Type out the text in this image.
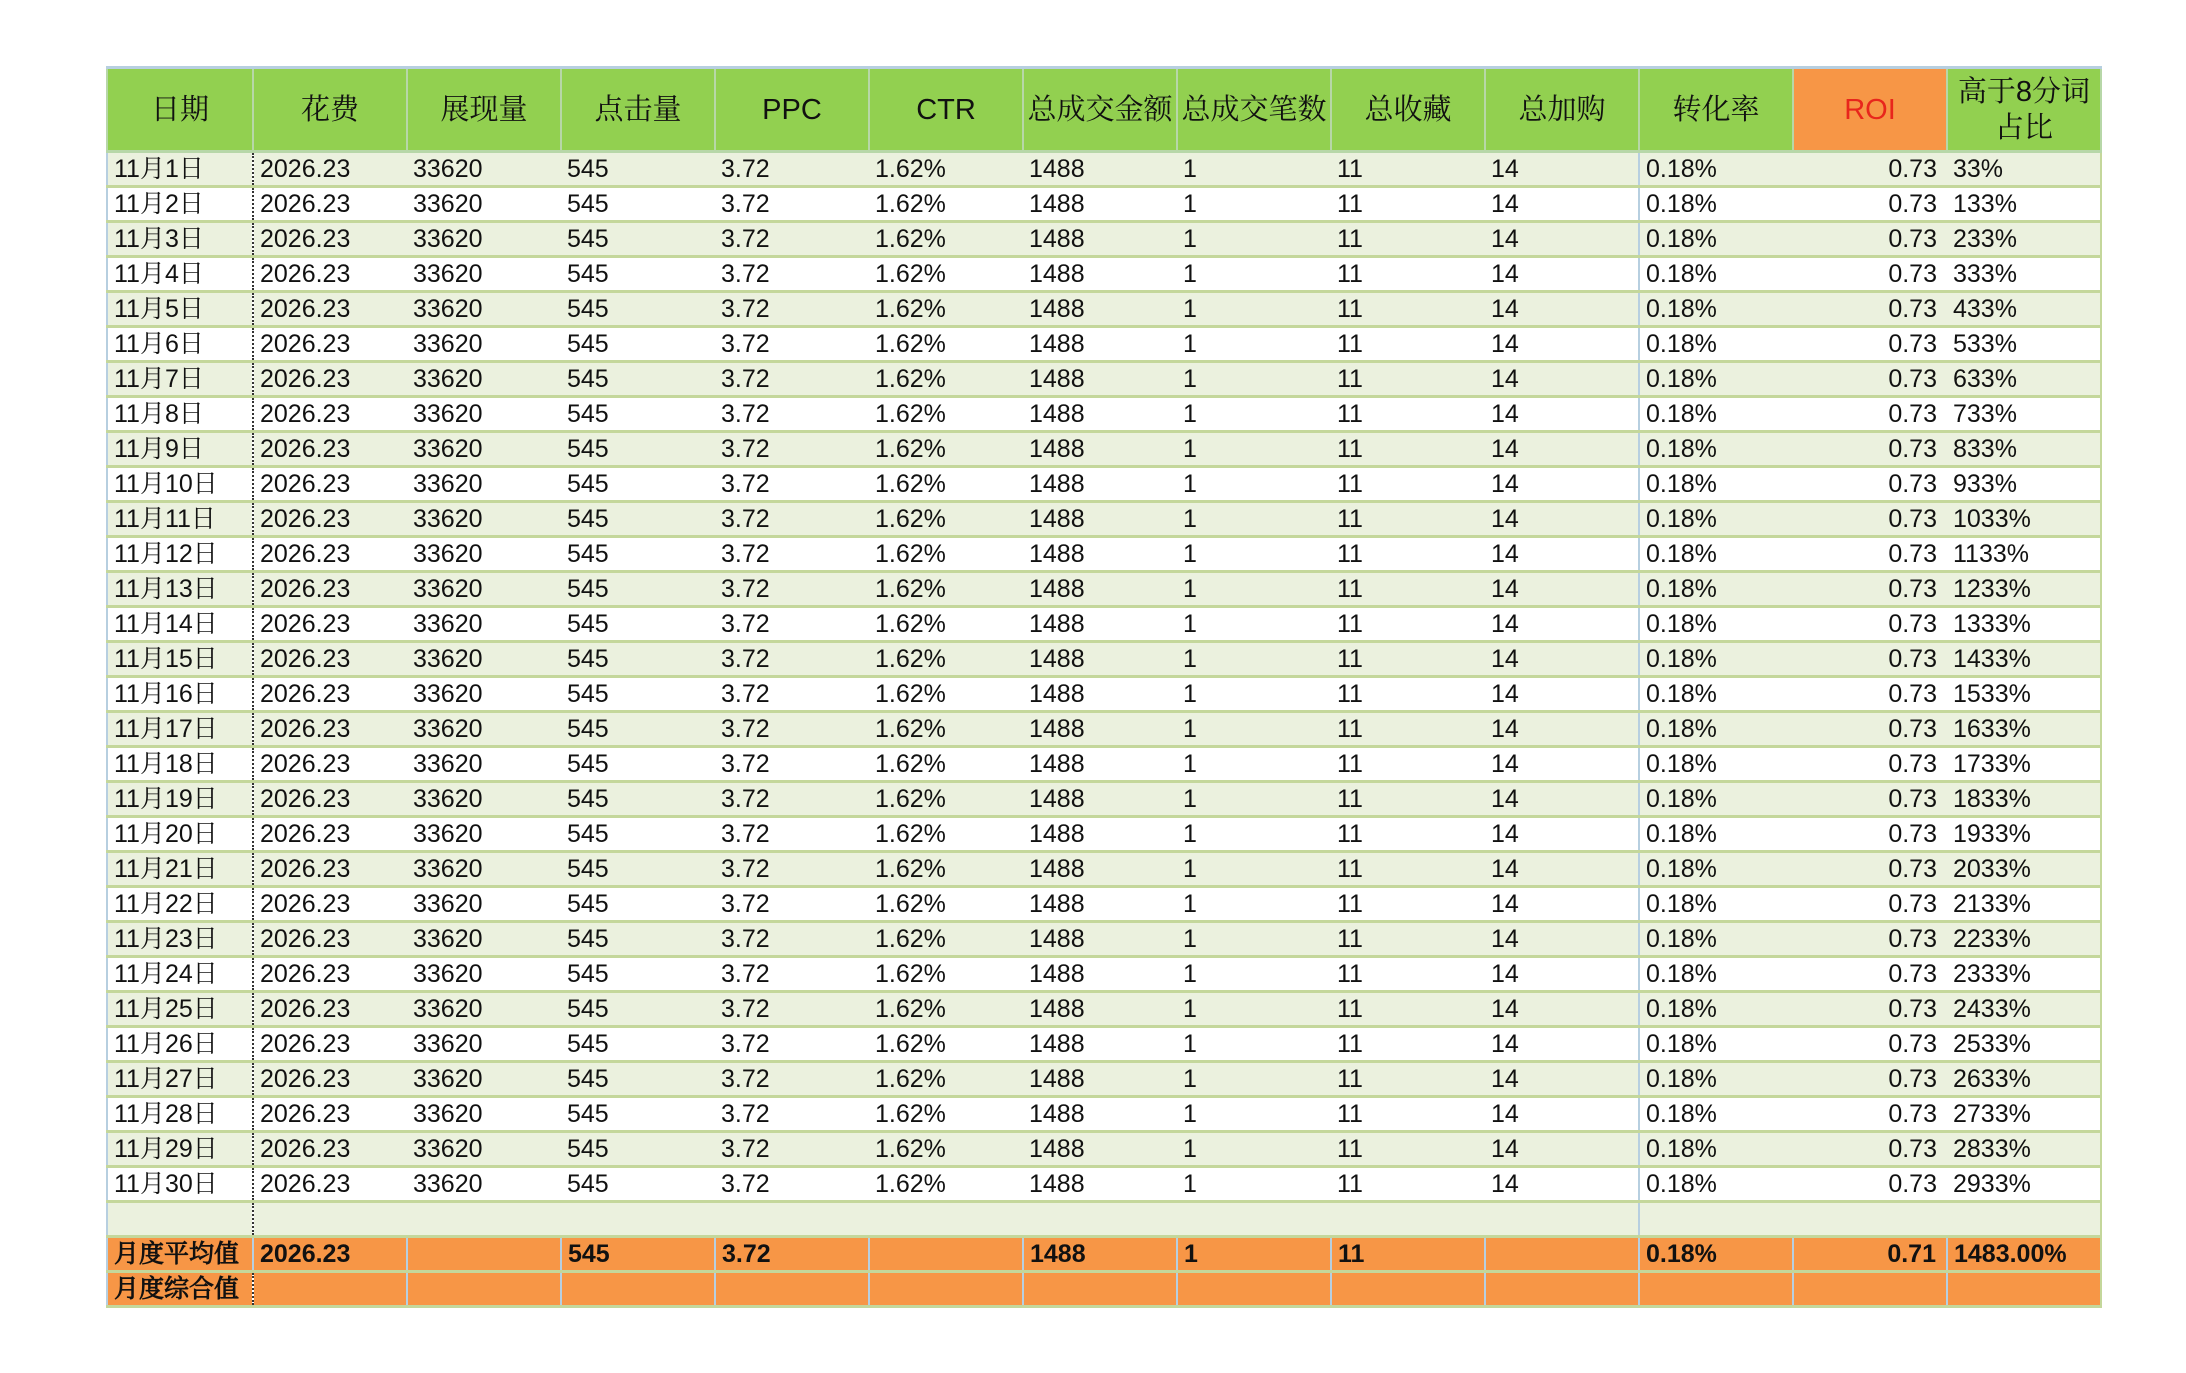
日期	花费	展现量	点击量	PPC	CTR	总成交金额	总成交笔数	总收藏	总加购	转化率	ROI	高于8分词占比
11月1日	2026.23	33620	545	3.72	1.62%	1488	1	11	14	0.18%	0.73	33%
11月2日	2026.23	33620	545	3.72	1.62%	1488	1	11	14	0.18%	0.73	133%
11月3日	2026.23	33620	545	3.72	1.62%	1488	1	11	14	0.18%	0.73	233%
11月4日	2026.23	33620	545	3.72	1.62%	1488	1	11	14	0.18%	0.73	333%
11月5日	2026.23	33620	545	3.72	1.62%	1488	1	11	14	0.18%	0.73	433%
11月6日	2026.23	33620	545	3.72	1.62%	1488	1	11	14	0.18%	0.73	533%
11月7日	2026.23	33620	545	3.72	1.62%	1488	1	11	14	0.18%	0.73	633%
11月8日	2026.23	33620	545	3.72	1.62%	1488	1	11	14	0.18%	0.73	733%
11月9日	2026.23	33620	545	3.72	1.62%	1488	1	11	14	0.18%	0.73	833%
11月10日	2026.23	33620	545	3.72	1.62%	1488	1	11	14	0.18%	0.73	933%
11月11日	2026.23	33620	545	3.72	1.62%	1488	1	11	14	0.18%	0.73	1033%
11月12日	2026.23	33620	545	3.72	1.62%	1488	1	11	14	0.18%	0.73	1133%
11月13日	2026.23	33620	545	3.72	1.62%	1488	1	11	14	0.18%	0.73	1233%
11月14日	2026.23	33620	545	3.72	1.62%	1488	1	11	14	0.18%	0.73	1333%
11月15日	2026.23	33620	545	3.72	1.62%	1488	1	11	14	0.18%	0.73	1433%
11月16日	2026.23	33620	545	3.72	1.62%	1488	1	11	14	0.18%	0.73	1533%
11月17日	2026.23	33620	545	3.72	1.62%	1488	1	11	14	0.18%	0.73	1633%
11月18日	2026.23	33620	545	3.72	1.62%	1488	1	11	14	0.18%	0.73	1733%
11月19日	2026.23	33620	545	3.72	1.62%	1488	1	11	14	0.18%	0.73	1833%
11月20日	2026.23	33620	545	3.72	1.62%	1488	1	11	14	0.18%	0.73	1933%
11月21日	2026.23	33620	545	3.72	1.62%	1488	1	11	14	0.18%	0.73	2033%
11月22日	2026.23	33620	545	3.72	1.62%	1488	1	11	14	0.18%	0.73	2133%
11月23日	2026.23	33620	545	3.72	1.62%	1488	1	11	14	0.18%	0.73	2233%
11月24日	2026.23	33620	545	3.72	1.62%	1488	1	11	14	0.18%	0.73	2333%
11月25日	2026.23	33620	545	3.72	1.62%	1488	1	11	14	0.18%	0.73	2433%
11月26日	2026.23	33620	545	3.72	1.62%	1488	1	11	14	0.18%	0.73	2533%
11月27日	2026.23	33620	545	3.72	1.62%	1488	1	11	14	0.18%	0.73	2633%
11月28日	2026.23	33620	545	3.72	1.62%	1488	1	11	14	0.18%	0.73	2733%
11月29日	2026.23	33620	545	3.72	1.62%	1488	1	11	14	0.18%	0.73	2833%
11月30日	2026.23	33620	545	3.72	1.62%	1488	1	11	14	0.18%	0.73	2933%

月度平均值	2026.23		545	3.72		1488	1	11		0.18%	0.71	1483.00%
月度综合值												
